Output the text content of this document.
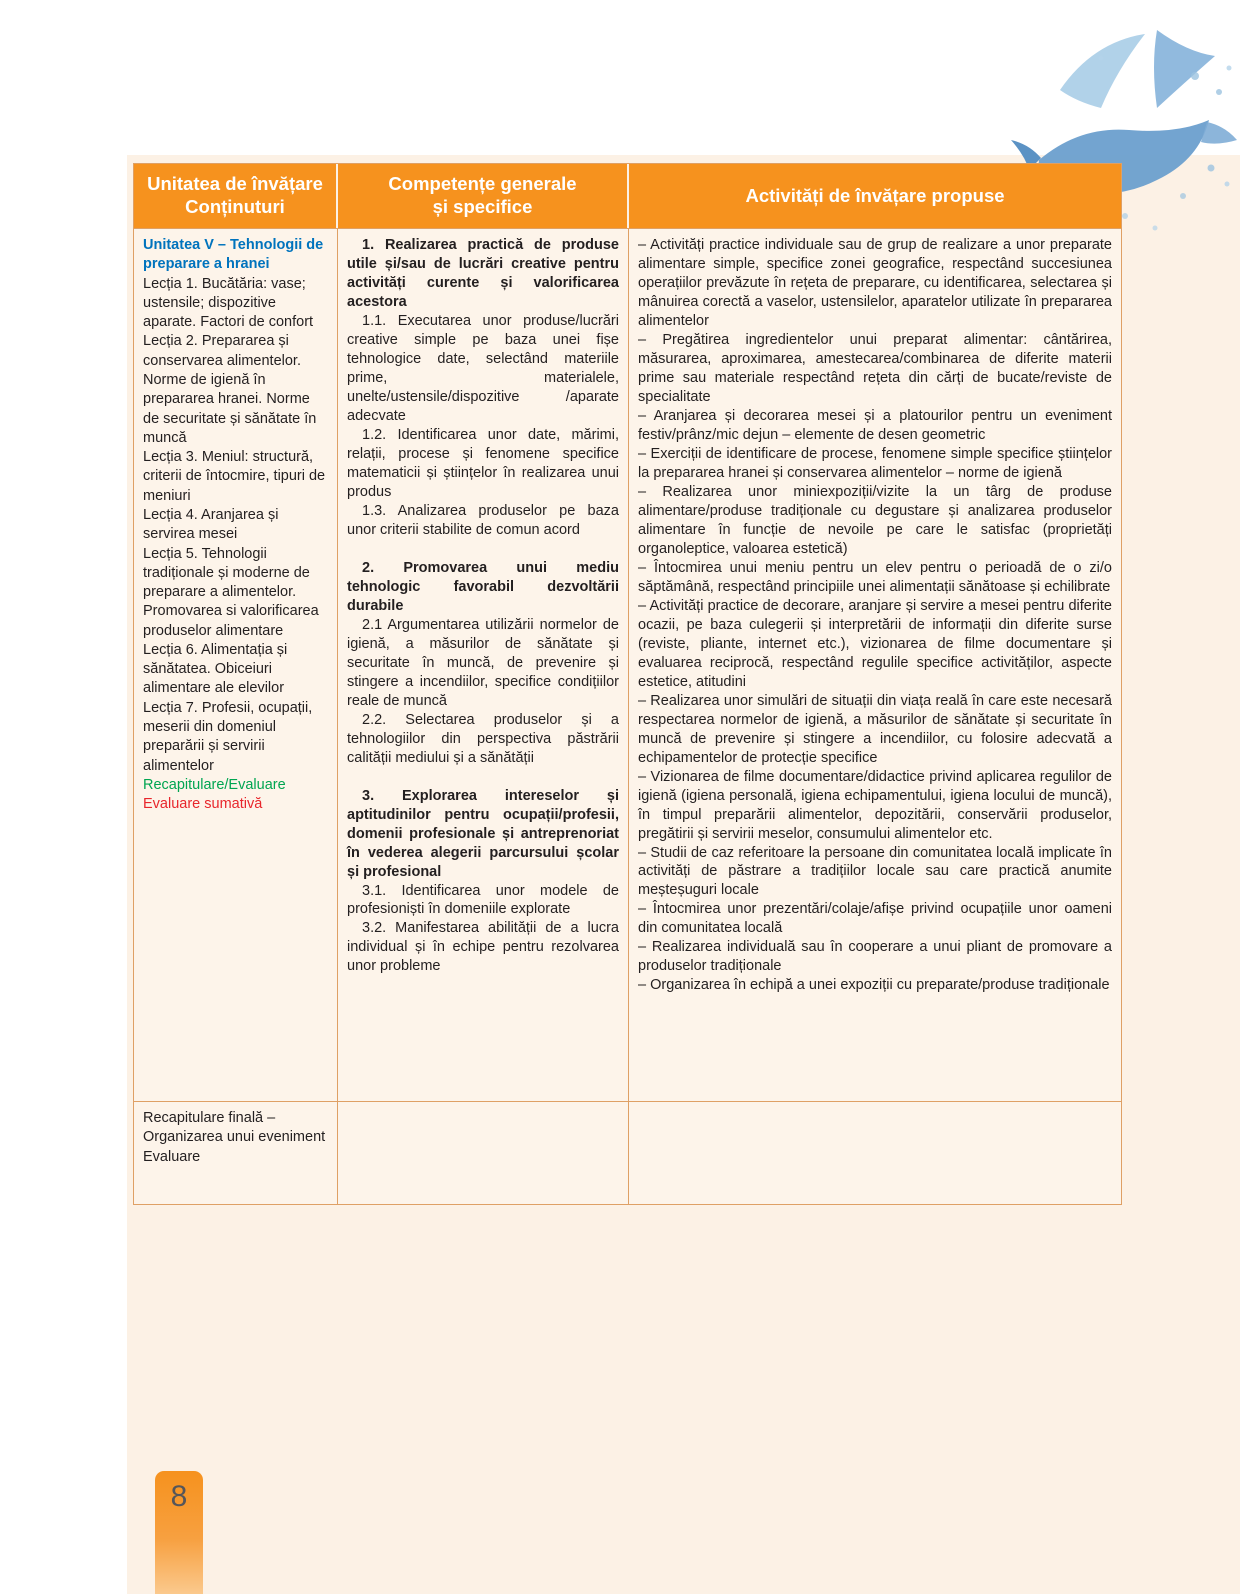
Unitatea de învățare
Conținuturi
Competențe generale
și specifice
Activități de învățare propuse

Unitatea V – Tehnologii de preparare a hranei

Lecția 1. Bucătăria: vase; ustensile; dispozitive aparate. Factori de confort

Lecția 2. Prepararea și conservarea alimentelor. Norme de igienă în prepararea hranei. Norme de securitate și sănătate în muncă

Lecția 3. Meniul: structură, criterii de întocmire, tipuri de meniuri

Lecția 4. Aranjarea și servirea mesei

Lecția 5. Tehnologii tradiționale și moderne de preparare a alimentelor. Promovarea si valorificarea produselor alimentare

Lecția 6. Alimentația și sănătatea. Obiceiuri alimentare ale elevilor

Lecția 7. Profesii, ocupații, meserii din domeniul preparării și servirii alimentelor

Recapitulare/Evaluare

Evaluare sumativă

1. Realizarea practică de produse utile și/sau de lucrări creative pentru activități curente și valorificarea acestora

1.1. Executarea unor produse/lucrări creative simple pe baza unei fișe tehnologice date, selectând materiile prime, materialele, unelte/ustensile/dispozitive /aparate adecvate

1.2. Identificarea unor date, mărimi, relații, procese și fenomene specifice matematicii și științelor în realizarea unui produs

1.3. Analizarea produselor pe baza unor criterii stabilite de comun acord

2. Promovarea unui mediu tehnologic favorabil dezvoltării durabile

2.1 Argumentarea utilizării normelor de igienă, a măsurilor de sănătate și securitate în muncă, de prevenire și stingere a incendiilor, specifice condițiilor reale de muncă

2.2. Selectarea produselor și a tehnologiilor din perspectiva păstrării calității mediului și a sănătății

3. Explorarea intereselor și aptitudinilor pentru ocupații/profesii, domenii profesionale și antreprenoriat în vederea alegerii parcursului școlar și profesional

3.1. Identificarea unor modele de profesioniști în domeniile explorate

3.2. Manifestarea abilității de a lucra individual și în echipe pentru rezolvarea unor probleme

– Activități practice individuale sau de grup de realizare a unor preparate alimentare simple, specifice zonei geografice, respectând succesiunea operațiilor prevăzute în rețeta de preparare, cu identificarea, selectarea și mânuirea corectă a vaselor, ustensilelor, aparatelor utilizate în prepararea alimentelor

– Pregătirea ingredientelor unui preparat alimentar: cântărirea, măsurarea, aproximarea, amestecarea/combinarea de diferite materii prime sau materiale respectând rețeta din cărți de bucate/reviste de specialitate

– Aranjarea și decorarea mesei și a platourilor pentru un eveniment festiv/prânz/mic dejun – elemente de desen geometric

– Exerciții de identificare de procese, fenomene simple specifice științelor la prepararea hranei și conservarea alimentelor – norme de igienă

– Realizarea unor miniexpoziții/vizite la un târg de produse alimentare/produse tradiționale cu degustare și analizarea produselor alimentare în funcție de nevoile pe care le satisfac (proprietăți organoleptice, valoarea estetică)

– Întocmirea unui meniu pentru un elev pentru o perioadă de o zi/o săptămână, respectând principiile unei alimentații sănătoase și echilibrate

– Activități practice de decorare, aranjare și servire a mesei pentru diferite ocazii, pe baza culegerii și interpretării de informații din diferite surse (reviste, pliante, internet etc.), vizionarea de filme documentare și evaluarea reciprocă, respectând regulile specifice activităților, aspecte estetice, atitudini

– Realizarea unor simulări de situații din viața reală în care este necesară respectarea normelor de igienă, a măsurilor de sănătate și securitate în muncă de prevenire și stingere a incendiilor, cu folosire adecvată a echipamentelor de protecție specifice

– Vizionarea de filme documentare/didactice privind aplicarea regulilor de igienă (igiena personală, igiena echipamentului, igiena locului de muncă), în timpul preparării alimentelor, depozitării, conservării produselor, pregătirii și servirii meselor, consumului alimentelor etc.

– Studii de caz referitoare la persoane din comunitatea locală implicate în activități de păstrare a tradițiilor locale sau care practică anumite meșteșuguri locale

– Întocmirea unor prezentări/colaje/afișe privind ocupațiile unor oameni din comunitatea locală

– Realizarea individuală sau în cooperare a unui pliant de promovare a produselor tradiționale

– Organizarea în echipă a unei expoziții cu preparate/produse tradiționale

Recapitulare finală –

Organizarea unui eveniment

Evaluare

8
